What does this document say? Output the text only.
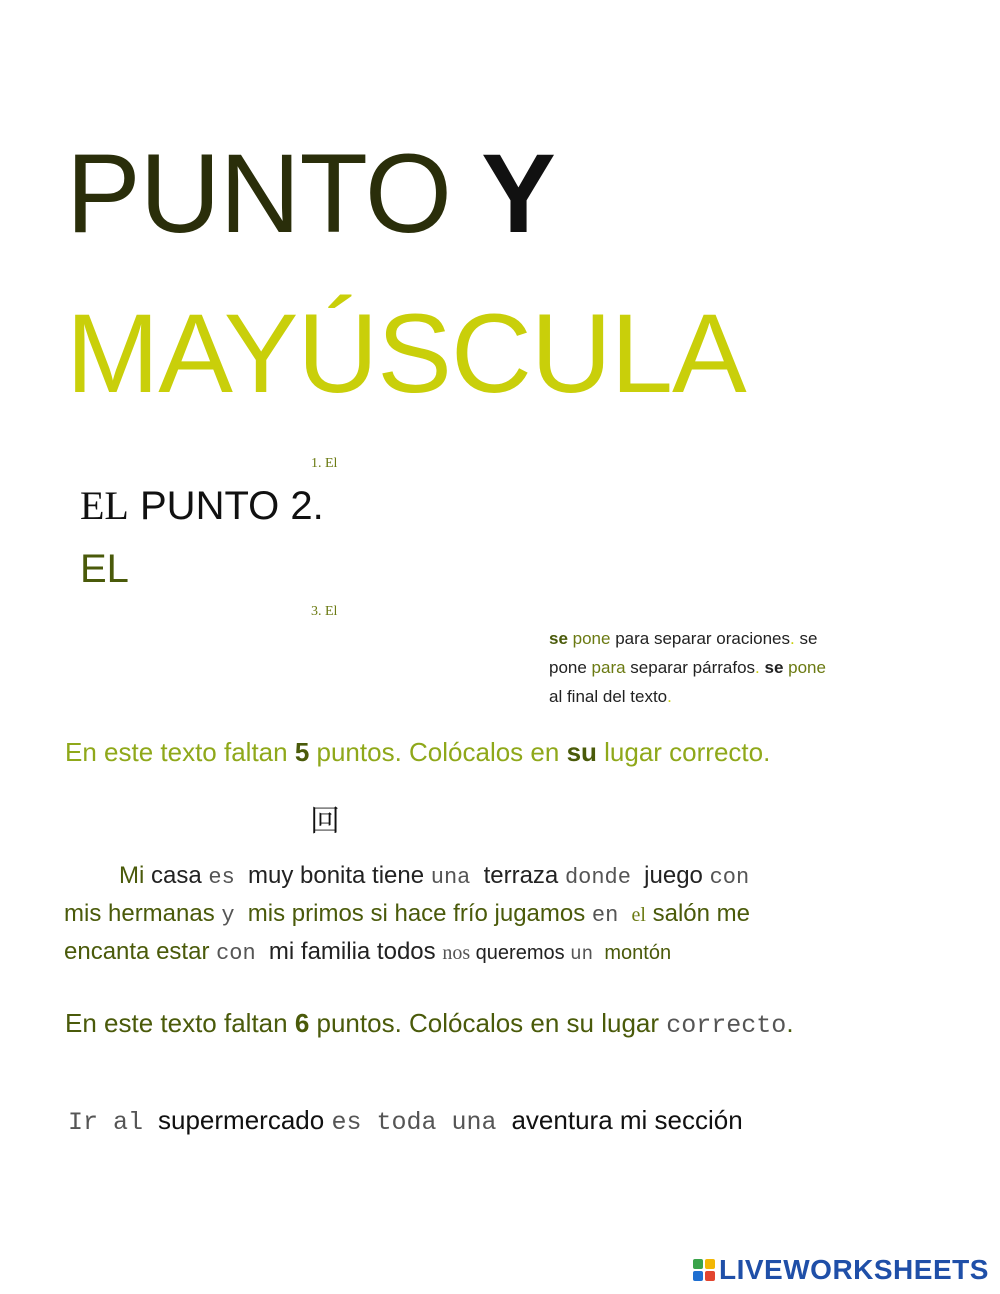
PUNTO Y
MAYÚSCULA
1. El
EL PUNTO 2.
EL
3. El
se pone para separar oraciones. se
pone para separar párrafos. se pone
al final del texto.
En este texto faltan 5 puntos. Colócalos en su lugar correcto.
回
Mi casa es muy bonita tiene una terraza donde juego con
mis hermanas y mis primos si hace frío jugamos en el salón me
encanta estar con mi familia todos nos queremos un montón
En este texto faltan 6 puntos. Colócalos en su lugar correcto.
Ir al supermercado es toda una aventura mi sección
LIVEWORKSHEETS
